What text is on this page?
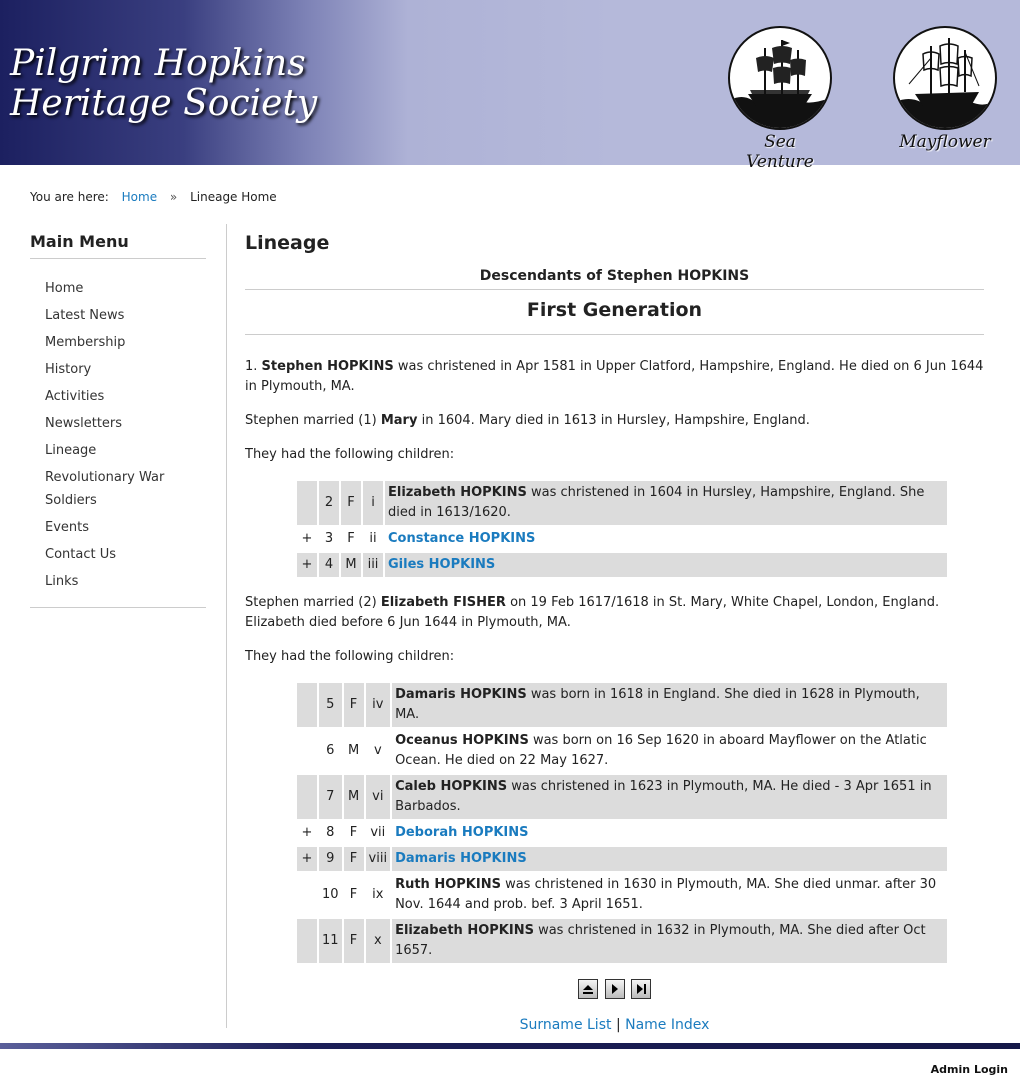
Pilgrim Hopkins
Heritage Society
Sea Venture
Mayflower
You are here: Home » Lineage Home
Main Menu
Home
Latest News
Membership
History
Activities
Newsletters
Lineage
Revolutionary War Soldiers
Events
Contact Us
Links
Lineage
Descendants of Stephen HOPKINS
First Generation

1. Stephen HOPKINS was christened in Apr 1581 in Upper Clatford, Hampshire, England. He died on 6 Jun 1644 in Plymouth, MA.

Stephen married (1) Mary in 1604. Mary died in 1613 in Hursley, Hampshire, England.

They had the following children:

	2	F	i	Elizabeth HOPKINS was christened in 1604 in Hursley, Hampshire, England. She died in 1613/1620.
+	3	F	ii	Constance HOPKINS
+	4	M	iii	Giles HOPKINS

Stephen married (2) Elizabeth FISHER on 19 Feb 1617/1618 in St. Mary, White Chapel, London, England. Elizabeth died before 6 Jun 1644 in Plymouth, MA.

They had the following children:

	5	F	iv	Damaris HOPKINS was born in 1618 in England. She died in 1628 in Plymouth, MA.
	6	M	v	Oceanus HOPKINS was born on 16 Sep 1620 in aboard Mayflower on the Atlatic Ocean. He died on 22 May 1627.
	7	M	vi	Caleb HOPKINS was christened in 1623 in Plymouth, MA. He died - 3 Apr 1651 in Barbados.
+	8	F	vii	Deborah HOPKINS
+	9	F	viii	Damaris HOPKINS
	10	F	ix	Ruth HOPKINS was christened in 1630 in Plymouth, MA. She died unmar. after 30 Nov. 1644 and prob. bef. 3 April 1651.
	11	F	x	Elizabeth HOPKINS was christened in 1632 in Plymouth, MA. She died after Oct 1657.

Surname List | Name Index
Admin Login
